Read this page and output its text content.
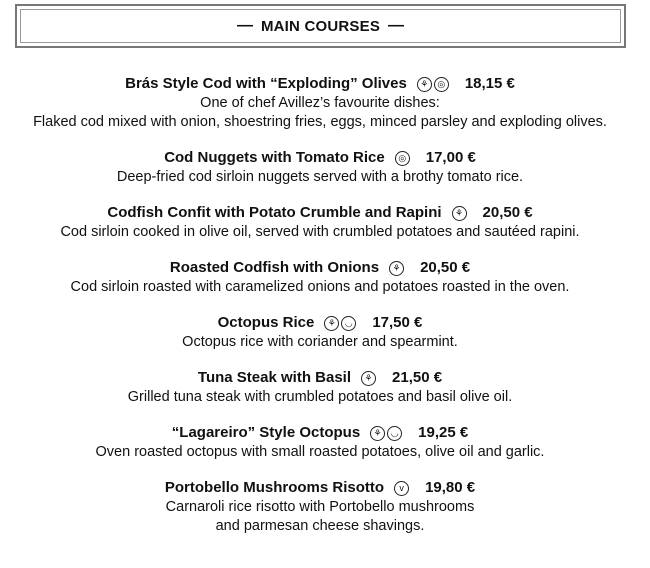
— MAIN COURSES —
Brás Style Cod with “Exploding” Olives	⚘	◎ 18,15 €
One of chef Avillez’s favourite dishes:
Flaked cod mixed with onion, shoestring fries, eggs, minced parsley and exploding olives.
Cod Nuggets with Tomato Rice	◎ 17,00 €
Deep-fried cod sirloin nuggets served with a brothy tomato rice.
Codfish Confit with Potato Crumble and Rapini	⚘ 20,50 €
Cod sirloin cooked in olive oil, served with crumbled potatoes and sautéed rapini.
Roasted Codfish with Onions	⚘ 20,50 €
Cod sirloin roasted with caramelized onions and potatoes roasted in the oven.
Octopus Rice	⚘	◡ 17,50 €
Octopus rice with coriander and spearmint.
Tuna Steak with Basil	⚘ 21,50 €
Grilled tuna steak with crumbled potatoes and basil olive oil.
“Lagareiro” Style Octopus	⚘	◡ 19,25 €
Oven roasted octopus with small roasted potatoes, olive oil and garlic.
Portobello Mushrooms Risotto	v	19,80 €
Carnaroli rice risotto with Portobello mushrooms
and parmesan cheese shavings.
